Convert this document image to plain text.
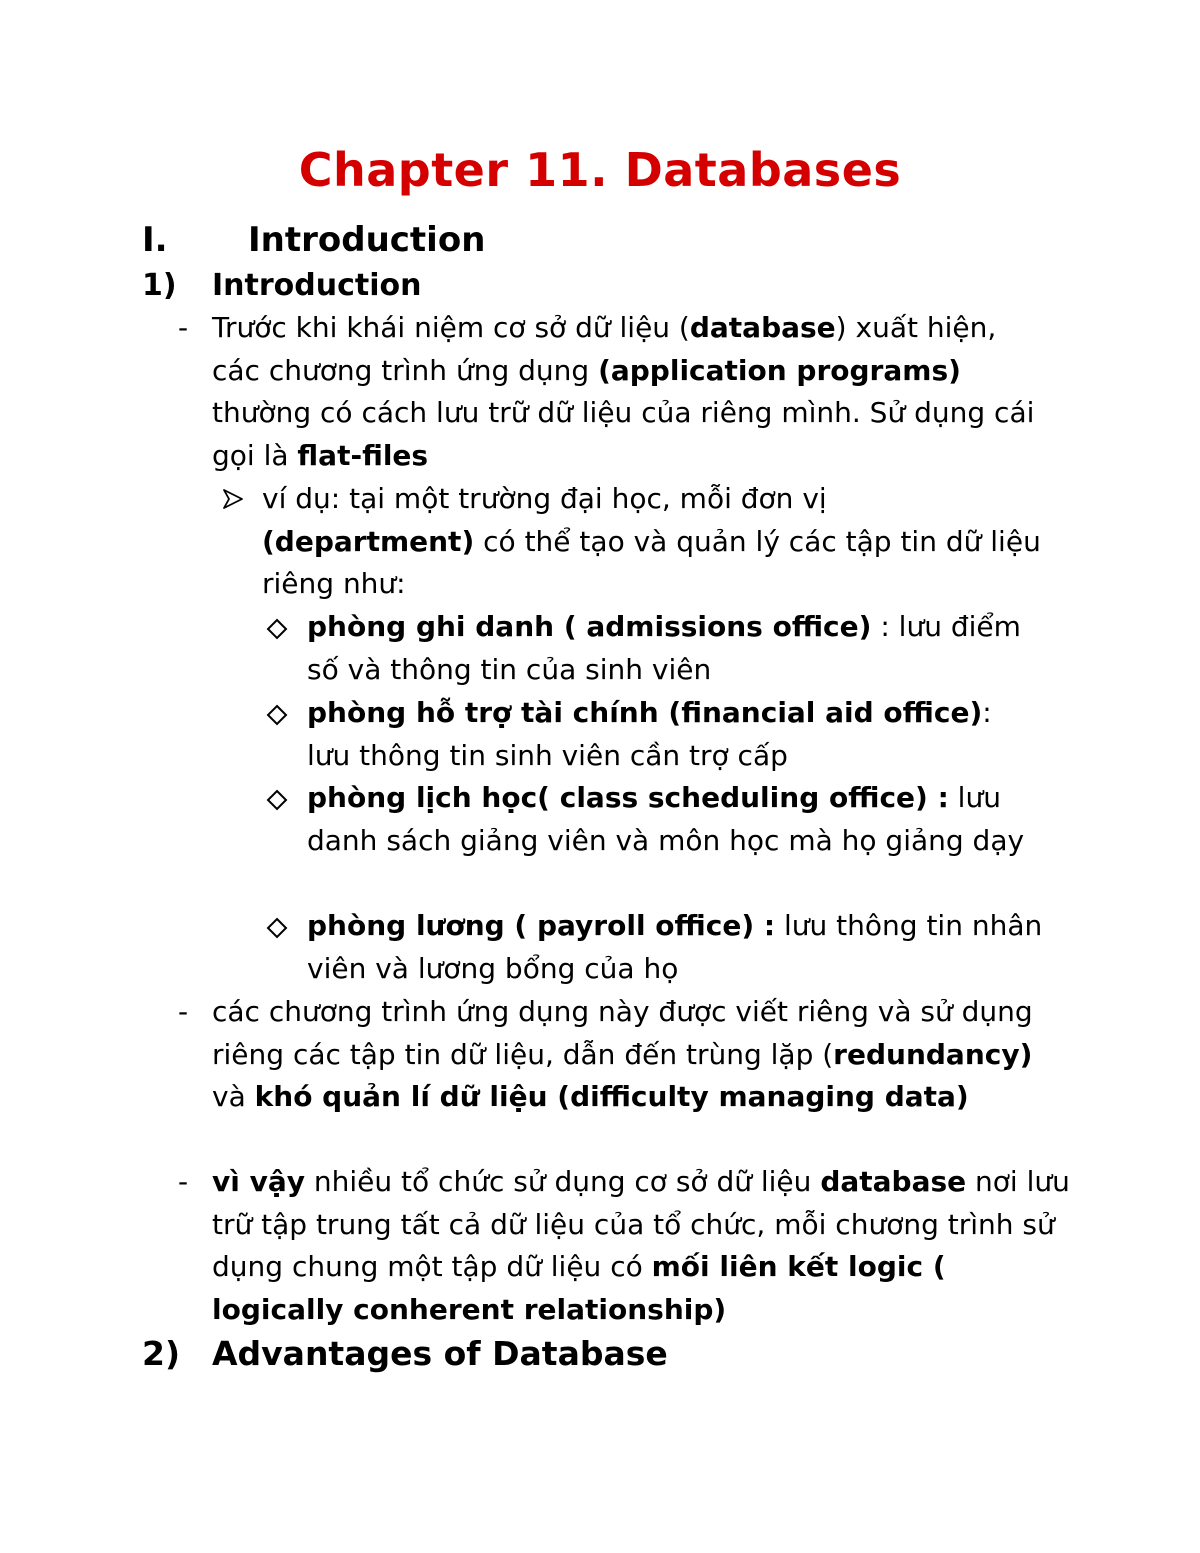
Chapter 11. Databases
I. Introduction
1) Introduction
- Trước khi khái niệm cơ sở dữ liệu (database) xuất hiện, các chương trình ứng dụng (application programs) thường có cách lưu trữ dữ liệu của riêng mình. Sử dụng cái gọi là flat-files
ví dụ: tại một trường đại học, mỗi đơn vị (department) có thể tạo và quản lý các tập tin dữ liệu riêng như:
phòng ghi danh ( admissions office) : lưu điểm số và thông tin của sinh viên
phòng hỗ trợ tài chính (financial aid office): lưu thông tin sinh viên cần trợ cấp
phòng lịch học( class scheduling office) : lưu danh sách giảng viên và môn học mà họ giảng dạy
phòng lương ( payroll office) : lưu thông tin nhân viên và lương bổng của họ
- các chương trình ứng dụng này được viết riêng và sử dụng riêng các tập tin dữ liệu, dẫn đến trùng lặp (redundancy) và khó quản lí dữ liệu (difficulty managing data)
- vì vậy nhiều tổ chức sử dụng cơ sở dữ liệu database nơi lưu trữ tập trung tất cả dữ liệu của tổ chức, mỗi chương trình sử dụng chung một tập dữ liệu có mối liên kết logic ( logically conherent relationship)
2) Advantages of Database
